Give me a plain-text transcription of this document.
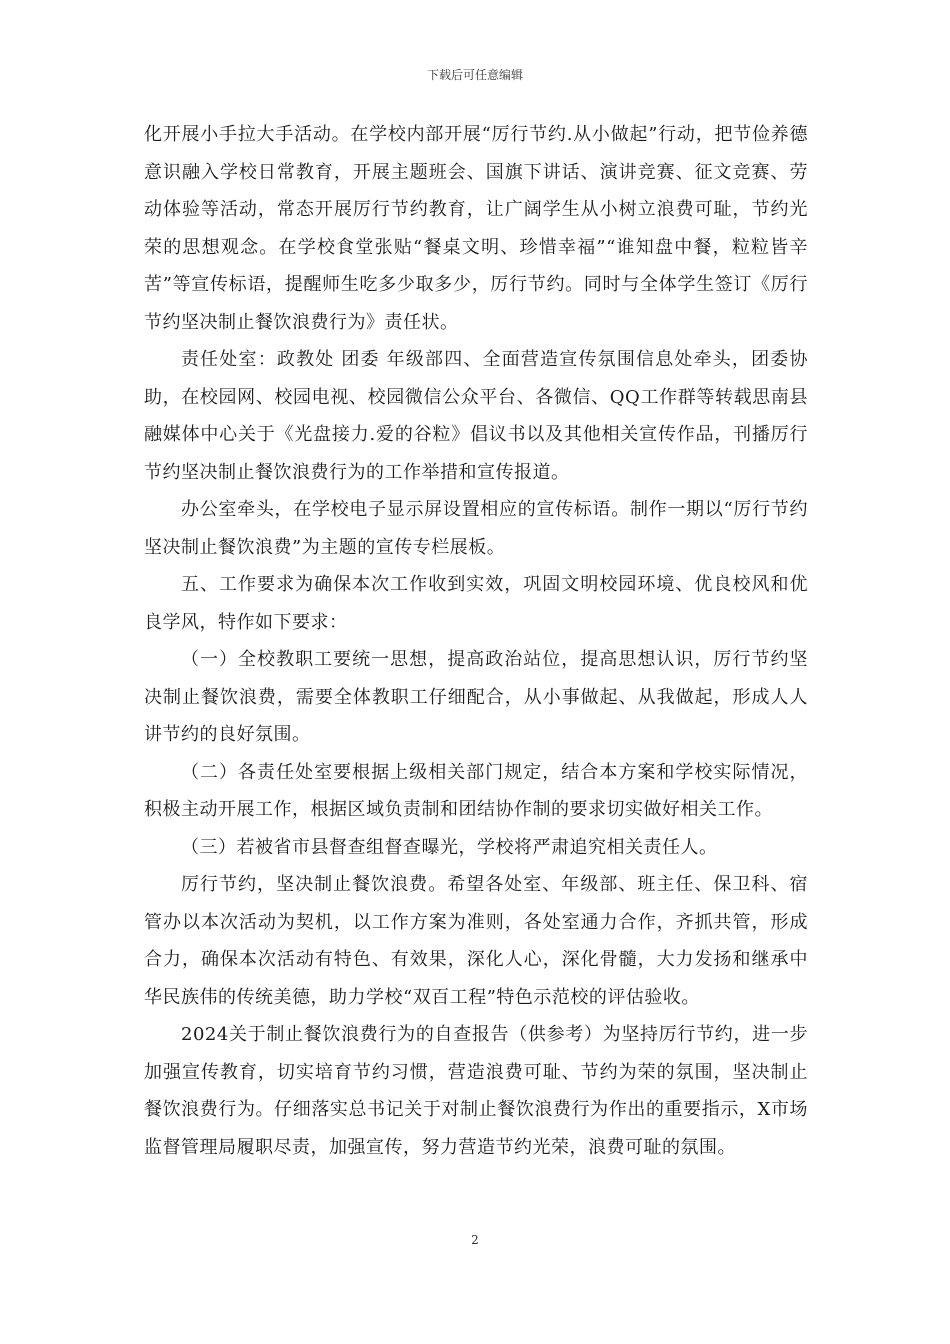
下载后可任意编辑

化开展小手拉大手活动。在学校内部开展“厉行节约.从小做起”行动，把节俭养德意识融入学校日常教育，开展主题班会、国旗下讲话、演讲竞赛、征文竞赛、劳动体验等活动，常态开展厉行节约教育，让广阔学生从小树立浪费可耻，节约光荣的思想观念。在学校食堂张贴“餐桌文明、珍惜幸福”“谁知盘中餐，粒粒皆辛苦”等宣传标语，提醒师生吃多少取多少，厉行节约。同时与全体学生签订《厉行节约坚决制止餐饮浪费行为》责任状。

责任处室：政教处 团委 年级部四、全面营造宣传氛围信息处牵头，团委协助，在校园网、校园电视、校园微信公众平台、各微信、QQ工作群等转载思南县融媒体中心关于《光盘接力.爱的谷粒》倡议书以及其他相关宣传作品，刊播厉行节约坚决制止餐饮浪费行为的工作举措和宣传报道。

办公室牵头，在学校电子显示屏设置相应的宣传标语。制作一期以“厉行节约坚决制止餐饮浪费”为主题的宣传专栏展板。

五、工作要求为确保本次工作收到实效，巩固文明校园环境、优良校风和优良学风，特作如下要求：

（一）全校教职工要统一思想，提高政治站位，提高思想认识，厉行节约坚决制止餐饮浪费，需要全体教职工仔细配合，从小事做起、从我做起，形成人人讲节约的良好氛围。

（二）各责任处室要根据上级相关部门规定，结合本方案和学校实际情况，积极主动开展工作，根据区域负责制和团结协作制的要求切实做好相关工作。

（三）若被省市县督查组督查曝光，学校将严肃追究相关责任人。

厉行节约，坚决制止餐饮浪费。希望各处室、年级部、班主任、保卫科、宿管办以本次活动为契机，以工作方案为准则，各处室通力合作，齐抓共管，形成合力，确保本次活动有特色、有效果，深化人心，深化骨髓，大力发扬和继承中华民族伟的传统美德，助力学校“双百工程”特色示范校的评估验收。

2024关于制止餐饮浪费行为的自查报告（供参考）为坚持厉行节约，进一步加强宣传教育，切实培育节约习惯，营造浪费可耻、节约为荣的氛围，坚决制止餐饮浪费行为。仔细落实总书记关于对制止餐饮浪费行为作出的重要指示，X市场监督管理局履职尽责，加强宣传，努力营造节约光荣，浪费可耻的氛围。

2
